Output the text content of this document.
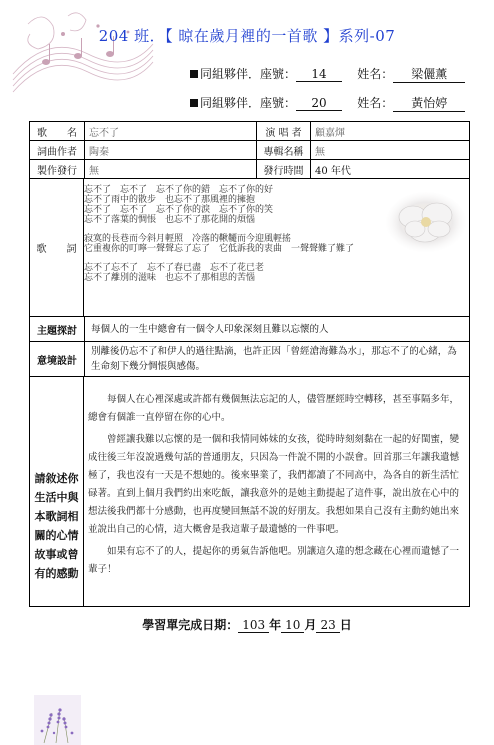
204 班．【 晾在歲月裡的一首歌 】系列-07
同組夥伴．座號： 14	姓名： 梁儷薰
同組夥伴．座號： 20	姓名： 黃怡婷
歌　　名	忘不了	演 唱 者	顧嘉煇
詞曲作者	陶秦	專輯名稱	無
製作發行	無	發行時間	40 年代
歌　　詞
忘不了　忘不了　忘不了你的錯　忘不了你的好
忘不了雨中的散步　也忘不了那風裡的擁抱
忘不了　忘不了　忘不了你的淚　忘不了你的笑
忘不了落葉的惆悵　也忘不了那花開的煩惱
寂寞的長巷而今斜月輕照　冷落的鞦韆而今迎風輕搖
它重複你的叮嚀一聲聲忘了忘了　它低訴我的衷曲　一聲聲難了難了
忘不了忘不了　忘不了春已盡　忘不了花已老
忘不了離別的滋味　也忘不了那相思的苦惱
主題探討	每個人的一生中總會有一個令人印象深刻且難以忘懷的人
意境設計
別離後仍忘不了和伊人的過往點滴，也許正因「曾經滄海難為水」，那忘不了的心緒，為生命刻下幾分惆悵與感傷。
請敘述你
生活中與
本歌詞相
關的心情
故事或曾
有的感動

每個人在心裡深處或許都有幾個無法忘記的人，儘管歷經時空轉移，甚至事隔多年，總會有個誰一直停留在你的心中。

曾經讓我難以忘懷的是一個和我情同姊妹的女孩，從時時刻刻黏在一起的好閨蜜，變成往後三年沒說過幾句話的普通朋友，只因為一件說不開的小誤會。回首那三年讓我遺憾極了，我也沒有一天是不想她的。後來畢業了，我們都讀了不同高中，為各自的新生活忙碌著。直到上個月我們約出來吃飯，讓我意外的是她主動提起了這件事，說出放在心中的想法後我們都十分感動，也再度變回無話不說的好朋友。我想如果自己沒有主動約她出來並說出自己的心情，這大概會是我這輩子最遺憾的一件事吧。

如果有忘不了的人，提起你的勇氣告訴他吧。別讓這久違的想念藏在心裡而遺憾了一輩子！

學習單完成日期： 103 年 10 月 23 日
